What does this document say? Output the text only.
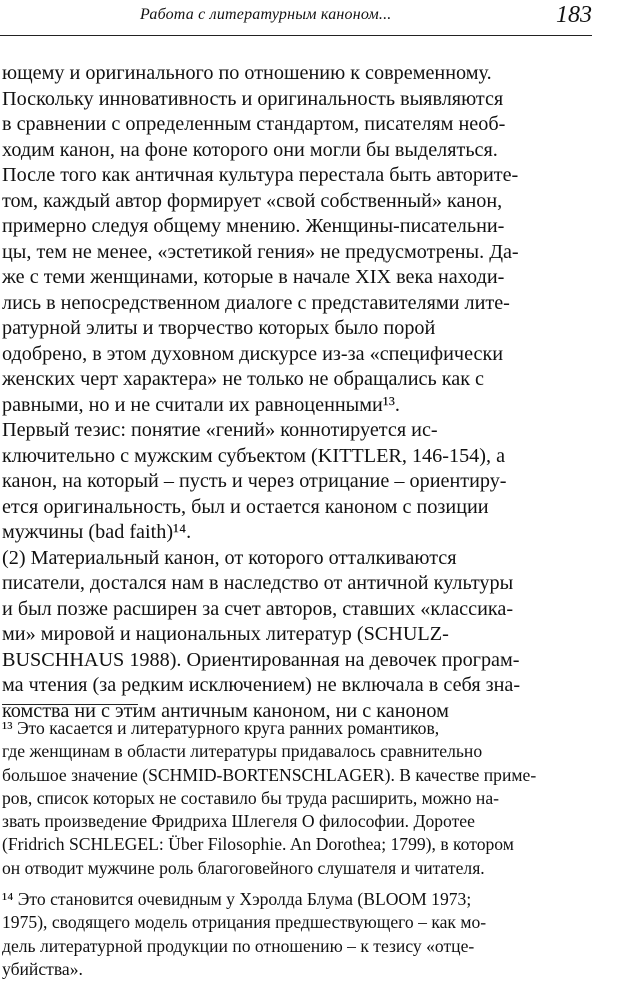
Работа с литературным каноном...	183
ющему и оригинального по отношению к современному.
Поскольку инновативность и оригинальность выявляются
в сравнении с определенным стандартом, писателям необ-
ходим канон, на фоне которого они могли бы выделяться.
После того как античная культура перестала быть авторите-
том, каждый автор формирует «свой собственный» канон,
примерно следуя общему мнению. Женщины-писательни-
цы, тем не менее, «эстетикой гения» не предусмотрены. Да-
же с теми женщинами, которые в начале XIX века находи-
лись в непосредственном диалоге с представителями лите-
ратурной элиты и творчество которых было порой
одобрено, в этом духовном дискурсе из-за «специфически
женских черт характера» не только не обращались как с
равными, но и не считали их равноценными¹³.
Первый тезис: понятие «гений» коннотируется ис-
ключительно с мужским субъектом (KITTLER, 146-154), а
канон, на который – пусть и через отрицание – ориентиру-
ется оригинальность, был и остается каноном с позиции
мужчины (bad faith)¹⁴.
(2) Материальный канон, от которого отталкиваются
писатели, достался нам в наследство от античной культуры
и был позже расширен за счет авторов, ставших «классика-
ми» мировой и национальных литератур (SCHULZ-
BUSCHHAUS 1988). Ориентированная на девочек програм-
ма чтения (за редким исключением) не включала в себя зна-
комства ни с этим античным каноном, ни с каноном
¹³ Это касается и литературного круга ранних романтиков,
где женщинам в области литературы придавалось сравнительно
большое значение (SCHMID-BORTENSCHLAGER). В качестве приме-
ров, список которых не составило бы труда расширить, можно на-
звать произведение Фридриха Шлегеля О философии. Доротее
(Fridrich SCHLEGEL: Über Filosophie. An Dorothea; 1799), в котором
он отводит мужчине роль благоговейного слушателя и читателя.
¹⁴ Это становится очевидным у Хэролда Блума (BLOOM 1973;
1975), сводящего модель отрицания предшествующего – как мо-
дель литературной продукции по отношению – к тезису «отце-
убийства».
